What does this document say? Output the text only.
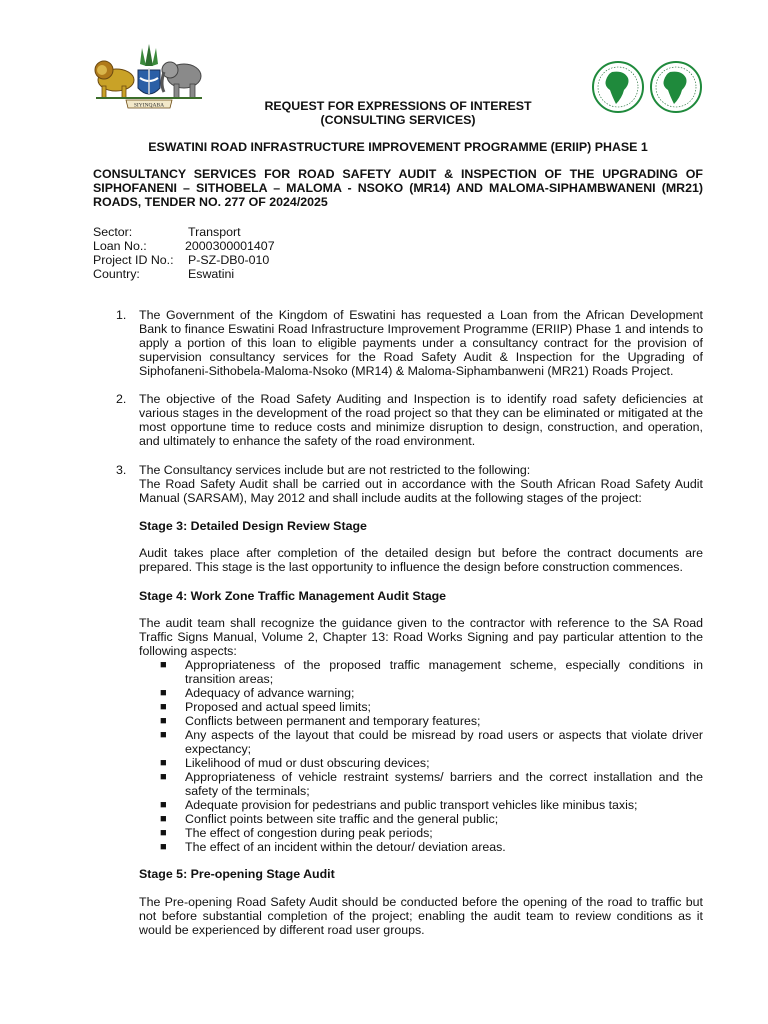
SIYINQABA	REQUEST FOR EXPRESSIONS OF INTEREST
(CONSULTING SERVICES)
ESWATINI ROAD INFRASTRUCTURE IMPROVEMENT PROGRAMME (ERIIP) PHASE 1
CONSULTANCY SERVICES FOR ROAD SAFETY AUDIT & INSPECTION OF THE UPGRADING OF SIPHOFANENI – SITHOBELA – MALOMA - NSOKO (MR14) AND MALOMA-SIPHAMBWANENI (MR21) ROADS, TENDER NO. 277 OF 2024/2025
Sector:	Transport
Loan No.:	2000300001407
Project ID No.: P-SZ-DB0-010
Country:	Eswatini
1. The Government of the Kingdom of Eswatini has requested a Loan from the African Development Bank to finance Eswatini Road Infrastructure Improvement Programme (ERIIP) Phase 1 and intends to apply a portion of this loan to eligible payments under a consultancy contract for the provision of supervision consultancy services for the Road Safety Audit & Inspection for the Upgrading of Siphofaneni-Sithobela-Maloma-Nsoko (MR14) & Maloma-Siphambanweni (MR21) Roads Project.
2. The objective of the Road Safety Auditing and Inspection is to identify road safety deficiencies at various stages in the development of the road project so that they can be eliminated or mitigated at the most opportune time to reduce costs and minimize disruption to design, construction, and operation, and ultimately to enhance the safety of the road environment.
3. The Consultancy services include but are not restricted to the following:
The Road Safety Audit shall be carried out in accordance with the South African Road Safety Audit Manual (SARSAM), May 2012 and shall include audits at the following stages of the project:
Stage 3: Detailed Design Review Stage
Audit takes place after completion of the detailed design but before the contract documents are prepared. This stage is the last opportunity to influence the design before construction commences.
Stage 4: Work Zone Traffic Management Audit Stage
The audit team shall recognize the guidance given to the contractor with reference to the SA Road Traffic Signs Manual, Volume 2, Chapter 13: Road Works Signing and pay particular attention to the following aspects:
■ Appropriateness of the proposed traffic management scheme, especially conditions in transition areas;
■ Adequacy of advance warning;
■ Proposed and actual speed limits;
■ Conflicts between permanent and temporary features;
■ Any aspects of the layout that could be misread by road users or aspects that violate driver expectancy;
■ Likelihood of mud or dust obscuring devices;
■ Appropriateness of vehicle restraint systems/ barriers and the correct installation and the safety of the terminals;
■ Adequate provision for pedestrians and public transport vehicles like minibus taxis;
■ Conflict points between site traffic and the general public;
■ The effect of congestion during peak periods;
■ The effect of an incident within the detour/ deviation areas.
Stage 5: Pre-opening Stage Audit
The Pre-opening Road Safety Audit should be conducted before the opening of the road to traffic but not before substantial completion of the project; enabling the audit team to review conditions as it would be experienced by different road user groups.
